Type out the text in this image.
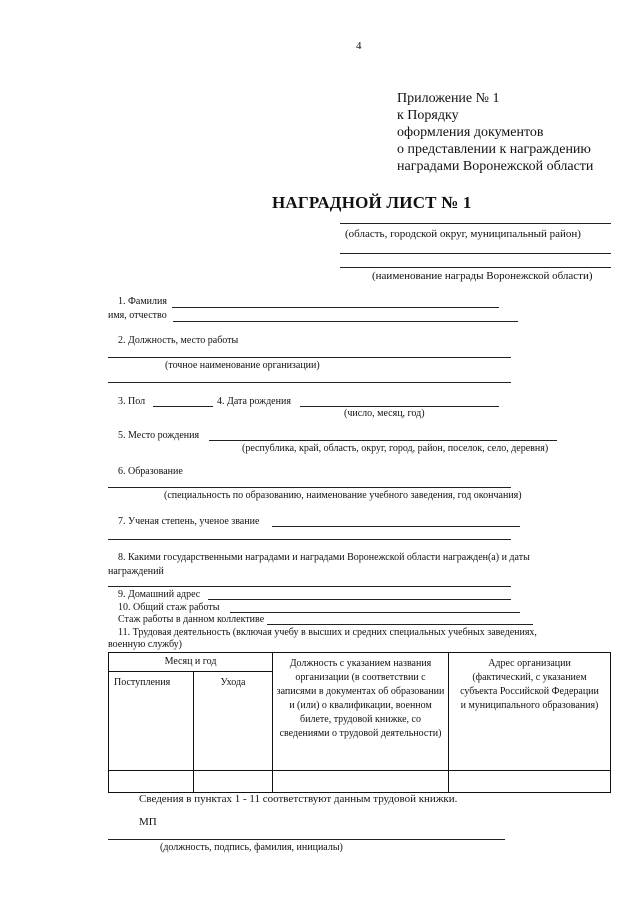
4
Приложение № 1
к Порядку
оформления документов
о представлении к награждению
наградами Воронежской области
НАГРАДНОЙ ЛИСТ № 1
(область, городской округ, муниципальный район)
(наименование награды Воронежской области)
1. Фамилия
имя, отчество
2. Должность, место работы
(точное наименование организации)
3. Пол	4. Дата рождения
(число, месяц, год)
5. Место рождения
(республика, край, область, округ, город, район, поселок, село, деревня)
6. Образование
(специальность по образованию, наименование учебного заведения, год окончания)
7. Ученая степень, ученое звание
8. Какими государственными наградами и наградами Воронежской области награжден(а) и даты
награждений
9. Домашний адрес
10. Общий стаж работы
Стаж работы в данном коллективе
11. Трудовая деятельность (включая учебу в высших и средних специальных учебных заведениях,
военную службу)
Месяц и год		Должность с указанием названия организации (в соответствии с записями в документах об образовании и (или) о квалификации, военном билете, трудовой книжке, со сведениями о трудовой деятельности)	Адрес организации (фактический, с указанием субъекта Российской Федерации и муниципального образования)

Поступления	Ухода		

Сведения в пунктах 1 - 11 соответствуют данным трудовой книжки.
МП
(должность, подпись, фамилия, инициалы)
